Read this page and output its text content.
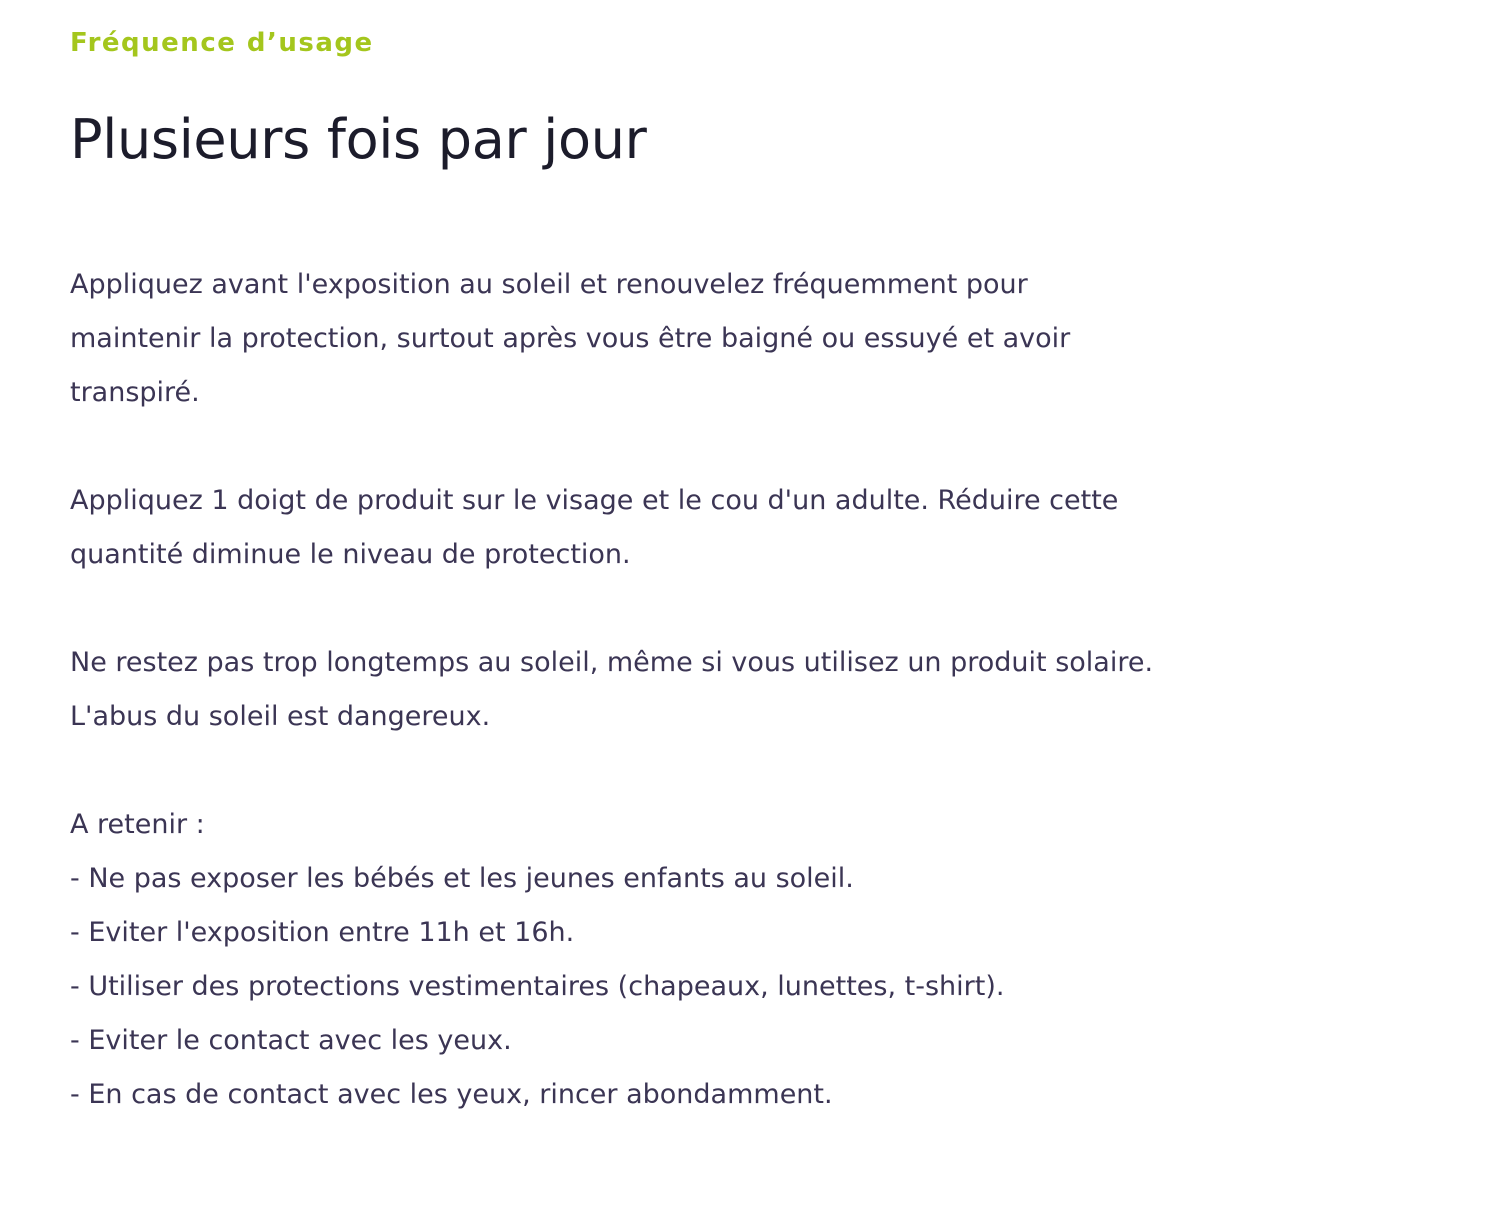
Fréquence d’usage
Plusieurs fois par jour

Appliquez avant l'exposition au soleil et renouvelez fréquemment pour
maintenir la protection, surtout après vous être baigné ou essuyé et avoir
transpiré.

Appliquez 1 doigt de produit sur le visage et le cou d'un adulte. Réduire cette
quantité diminue le niveau de protection.

Ne restez pas trop longtemps au soleil, même si vous utilisez un produit solaire.
L'abus du soleil est dangereux.

A retenir :
- Ne pas exposer les bébés et les jeunes enfants au soleil.
- Eviter l'exposition entre 11h et 16h.
- Utiliser des protections vestimentaires (chapeaux, lunettes, t-shirt).
- Eviter le contact avec les yeux.
- En cas de contact avec les yeux, rincer abondamment.
